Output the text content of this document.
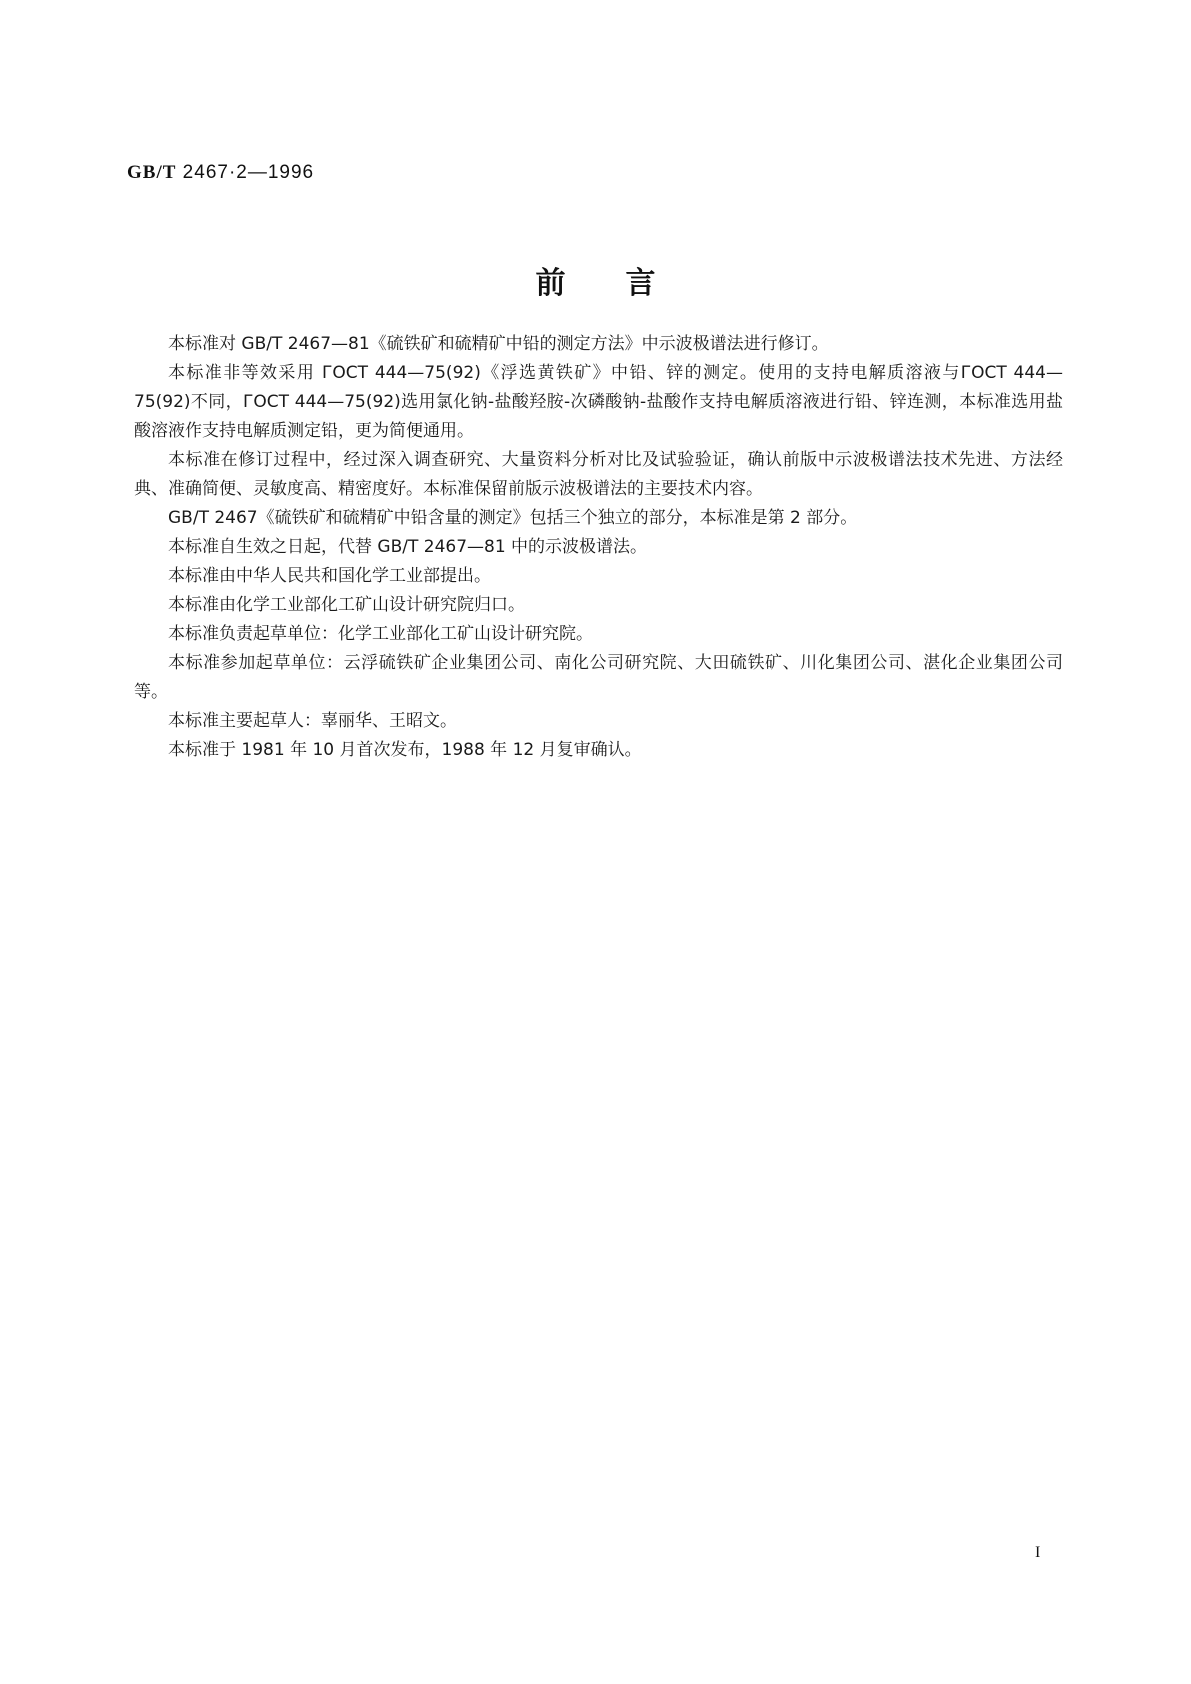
GB/T 2467·2—1996
前言

本标准对 GB/T 2467—81《硫铁矿和硫精矿中铅的测定方法》中示波极谱法进行修订。

本标准非等效采用 ГОСТ 444—75(92)《浮选黄铁矿》中铅、锌的测定。使用的支持电解质溶液与ГОСТ 444—75(92)不同，ГОСТ 444—75(92)选用氯化钠-盐酸羟胺-次磷酸钠-盐酸作支持电解质溶液进行铅、锌连测，本标准选用盐酸溶液作支持电解质测定铅，更为简便通用。

本标准在修订过程中，经过深入调查研究、大量资料分析对比及试验验证，确认前版中示波极谱法技术先进、方法经典、准确简便、灵敏度高、精密度好。本标准保留前版示波极谱法的主要技术内容。

GB/T 2467《硫铁矿和硫精矿中铅含量的测定》包括三个独立的部分，本标准是第 2 部分。

本标准自生效之日起，代替 GB/T 2467—81 中的示波极谱法。

本标准由中华人民共和国化学工业部提出。

本标准由化学工业部化工矿山设计研究院归口。

本标准负责起草单位：化学工业部化工矿山设计研究院。

本标准参加起草单位：云浮硫铁矿企业集团公司、南化公司研究院、大田硫铁矿、川化集团公司、湛化企业集团公司等。

本标准主要起草人：辜丽华、王昭文。

本标准于 1981 年 10 月首次发布，1988 年 12 月复审确认。

I
